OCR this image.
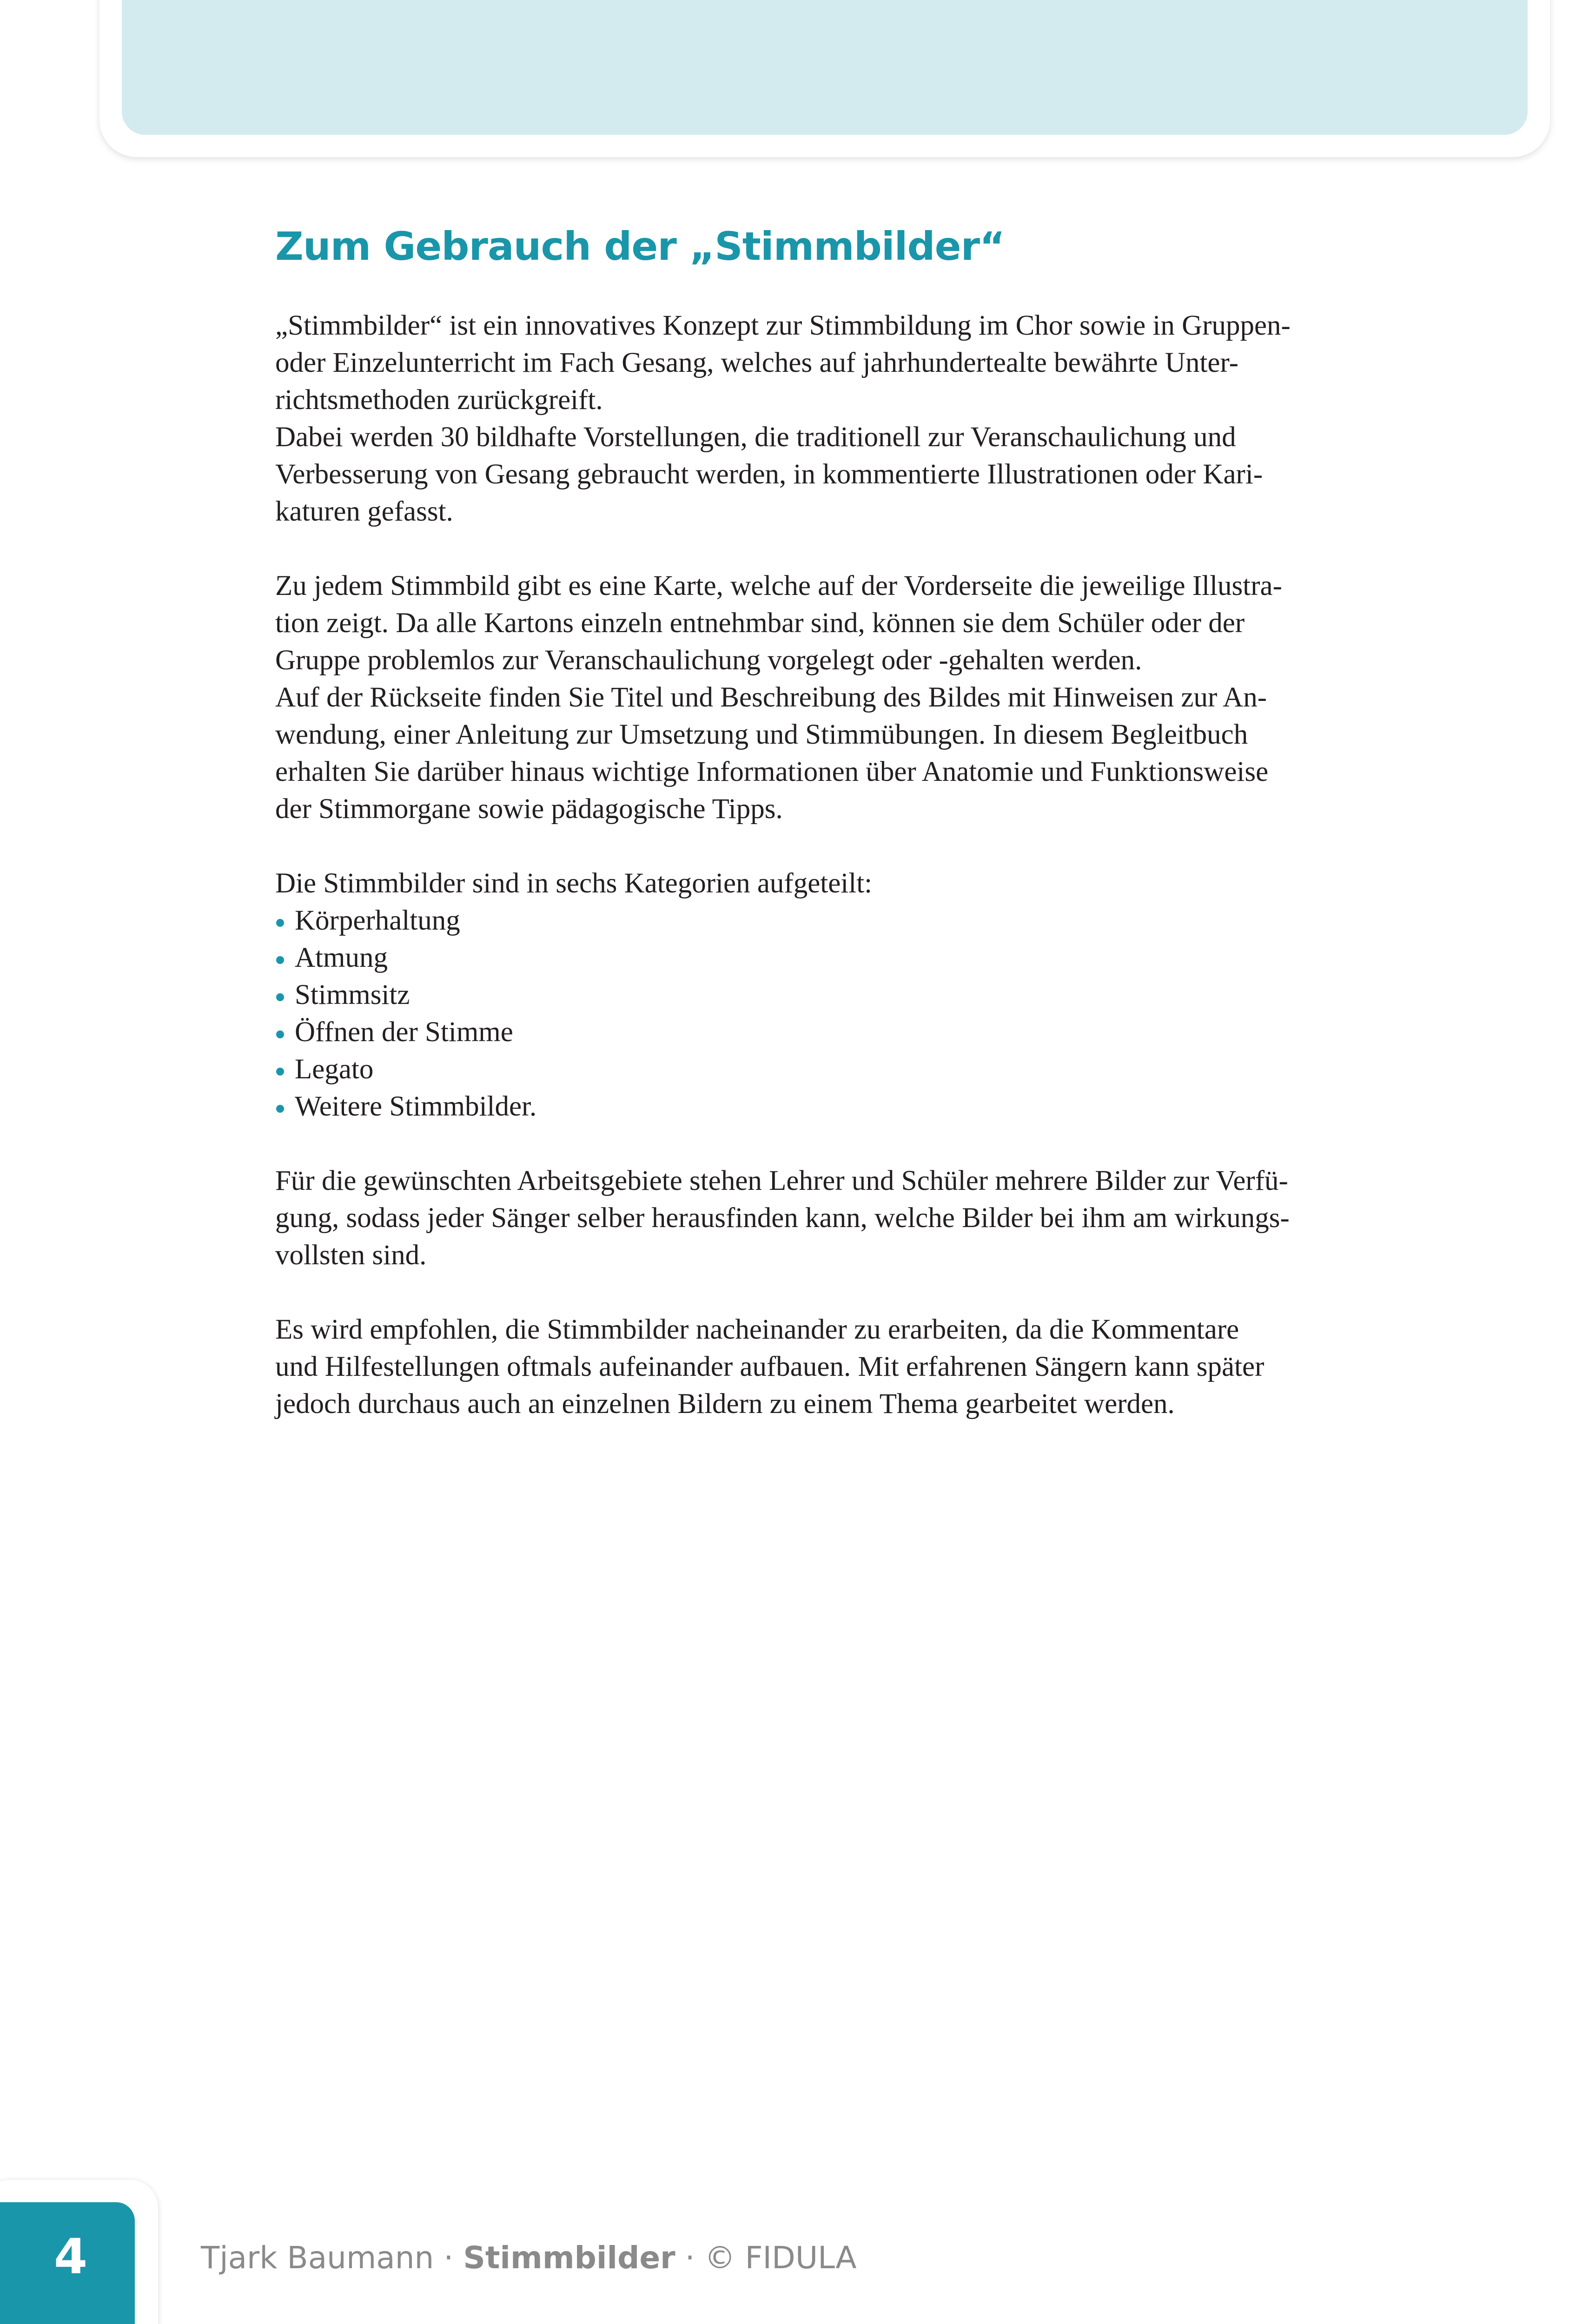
Zum Gebrauch der „Stimmbilder“
„Stimmbilder“ ist ein innovatives Konzept zur Stimmbildung im Chor sowie in Gruppen-
oder Einzelunterricht im Fach Gesang, welches auf jahrhundertealte bewährte Unter-
richtsmethoden zurückgreift.
Dabei werden 30 bildhafte Vorstellungen, die traditionell zur Veranschaulichung und
Verbesserung von Gesang gebraucht werden, in kommentierte Illustrationen oder Kari-
katuren gefasst.
Zu jedem Stimmbild gibt es eine Karte, welche auf der Vorderseite die jeweilige Illustra-
tion zeigt. Da alle Kartons einzeln entnehmbar sind, können sie dem Schüler oder der
Gruppe problemlos zur Veranschaulichung vorgelegt oder -gehalten werden.
Auf der Rückseite finden Sie Titel und Beschreibung des Bildes mit Hinweisen zur An-
wendung, einer Anleitung zur Umsetzung und Stimmübungen. In diesem Begleitbuch
erhalten Sie darüber hinaus wichtige Informationen über Anatomie und Funktionsweise
der Stimmorgane sowie pädagogische Tipps.
Die Stimmbilder sind in sechs Kategorien aufgeteilt:
Körperhaltung
Atmung
Stimmsitz
Öffnen der Stimme
Legato
Weitere Stimmbilder.
Für die gewünschten Arbeitsgebiete stehen Lehrer und Schüler mehrere Bilder zur Verfü-
gung, sodass jeder Sänger selber herausfinden kann, welche Bilder bei ihm am wirkungs-
vollsten sind.
Es wird empfohlen, die Stimmbilder nacheinander zu erarbeiten, da die Kommentare
und Hilfestellungen oftmals aufeinander aufbauen. Mit erfahrenen Sängern kann später
jedoch durchaus auch an einzelnen Bildern zu einem Thema gearbeitet werden.
4	Tjark Baumann · Stimmbilder · © FIDULA
